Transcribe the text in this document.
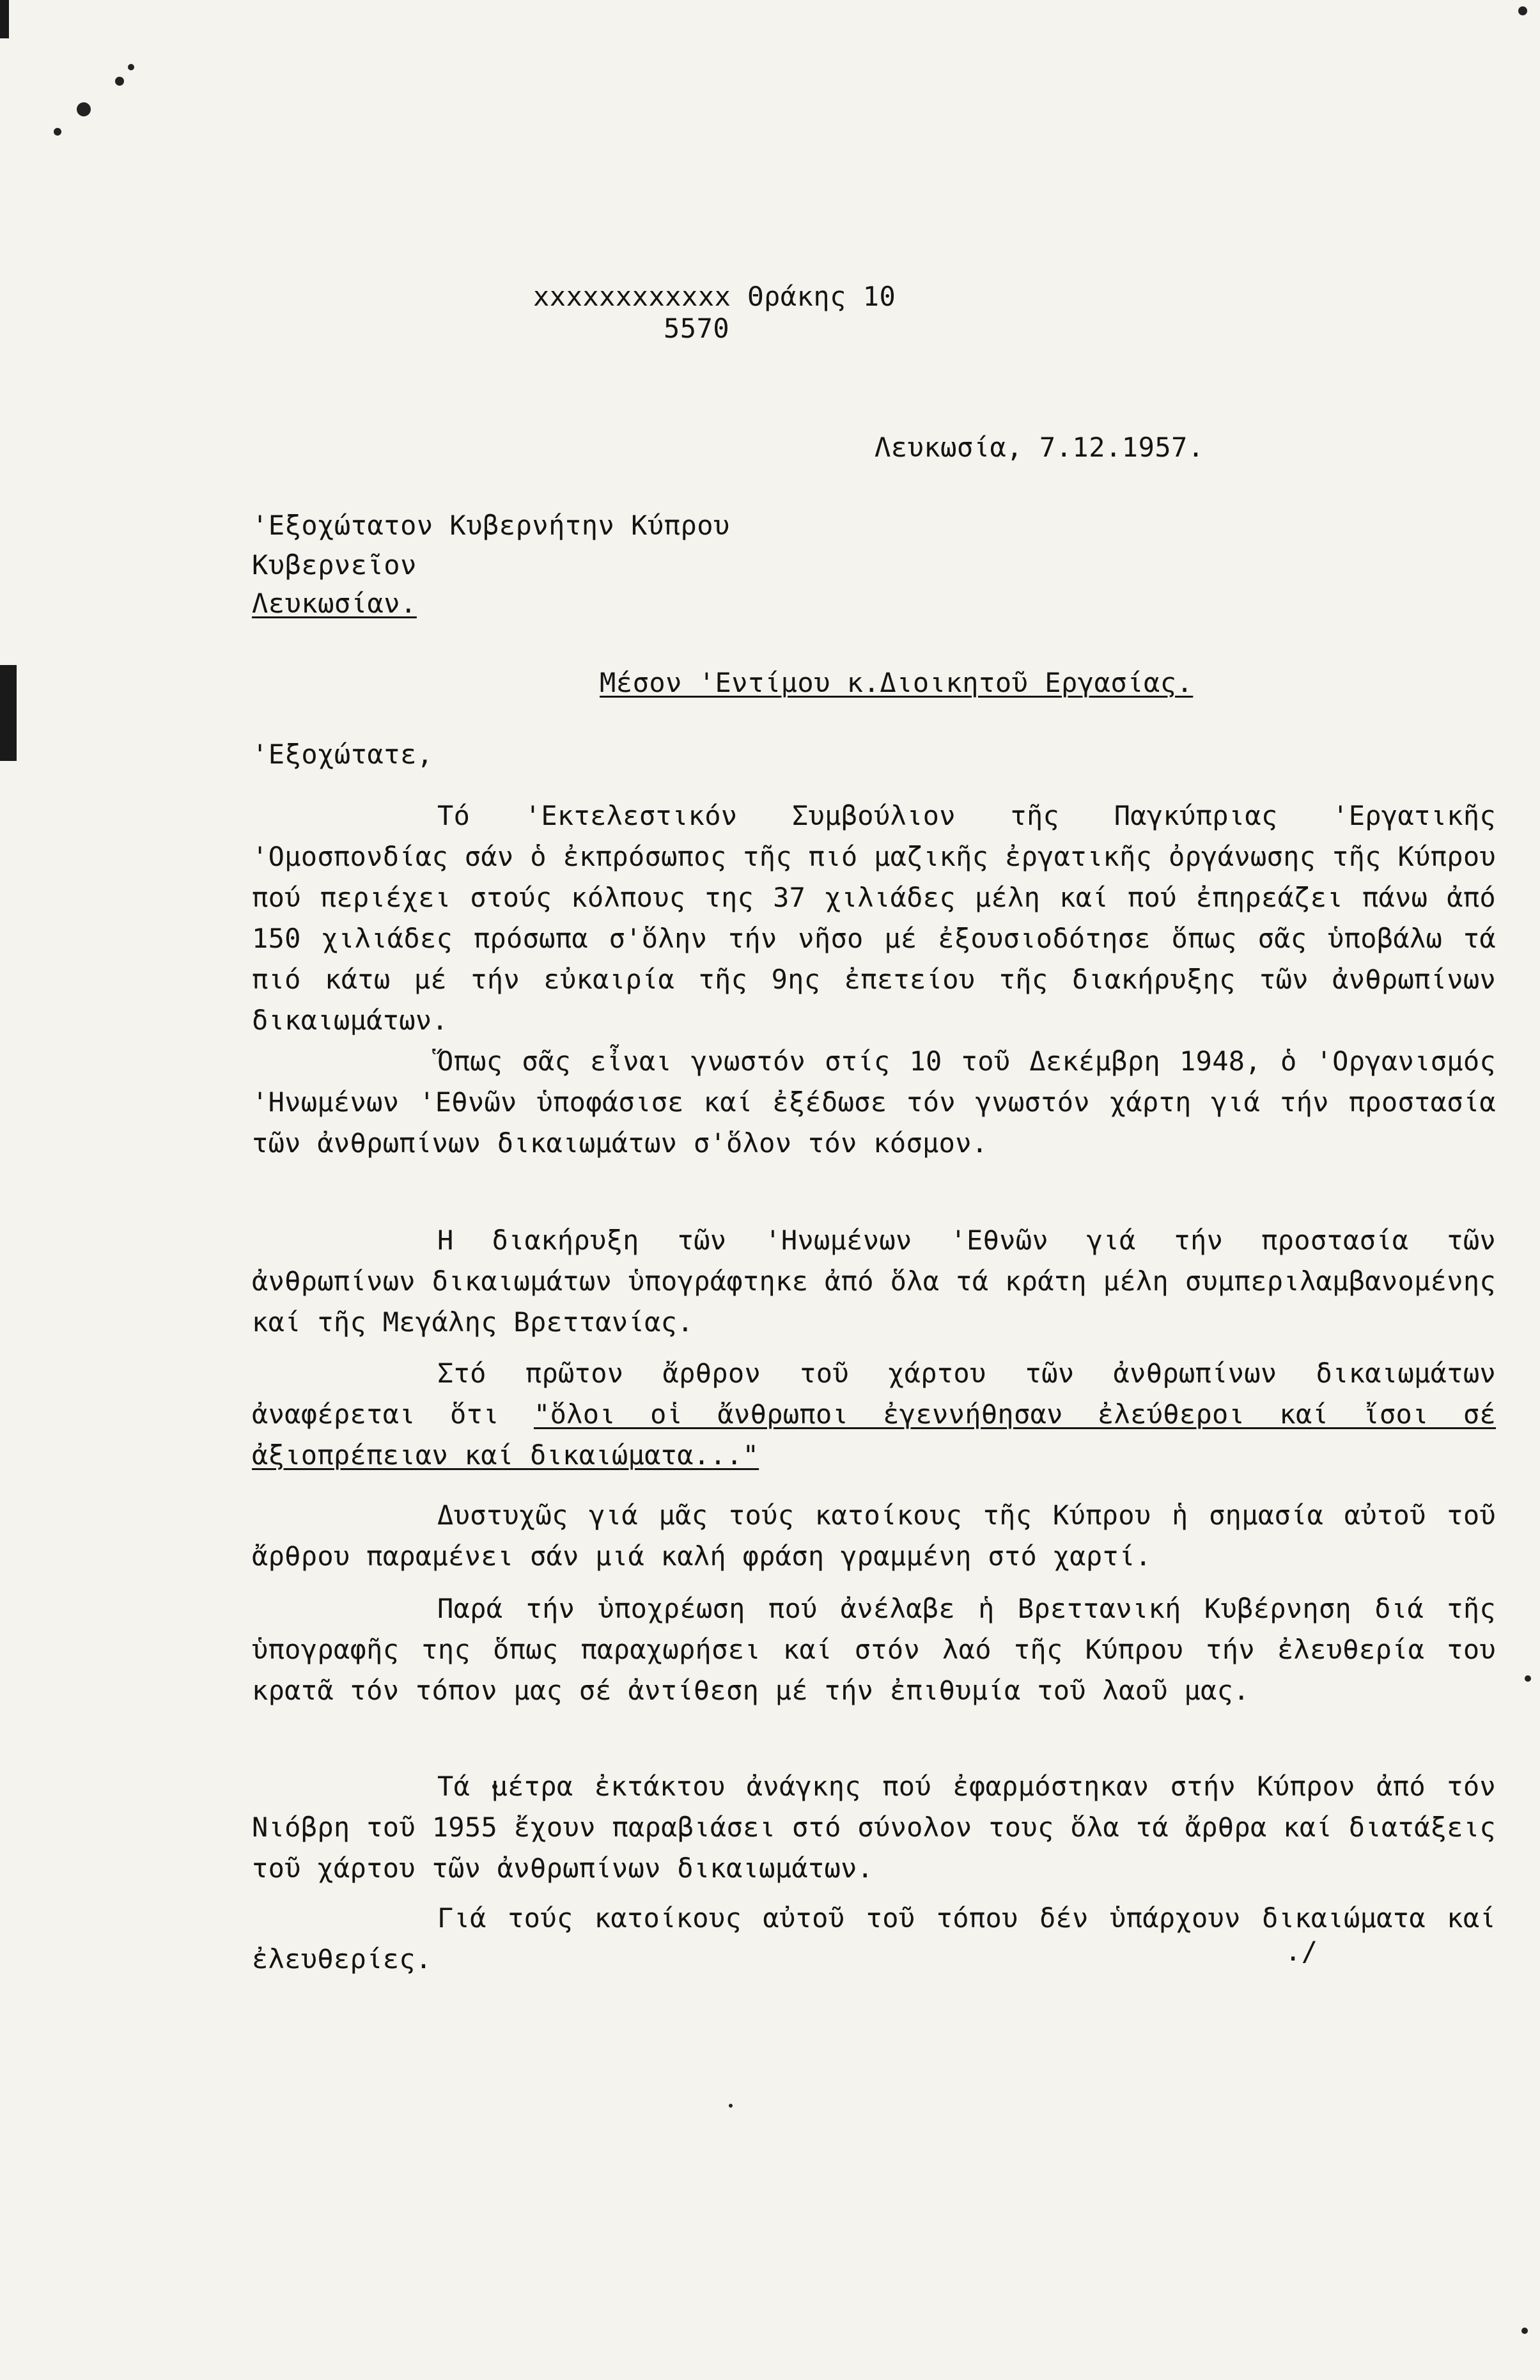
xxxxxxxxxxxx Θράκης 10
5570
Λευκωσία, 7.12.1957.
'Εξοχώτατον Κυβερνήτην Κύπρου
Κυβερνεῖον
Λευκωσίαν.
Μέσον 'Εντίμου κ.Διοικητοῦ Εργασίας.
'Εξοχώτατε,
Τό 'Εκτελεστικόν Συμβούλιον τῆς Παγκύπριας 'Εργατικῆς 'Ομοσπονδίας σάν ὁ ἐκπρόσωπος τῆς πιό μαζικῆς ἐργατικῆς ὀργάνωσης τῆς Κύπρου πού περιέχει στούς κόλπους της 37 χιλιάδες μέλη καί πού ἐπηρεάζει πάνω ἀπό 150 χιλιάδες πρόσωπα σ'ὅλην τήν νῆσο μέ ἐξουσιοδότησε ὅπως σᾶς ὑποβάλω τά πιό κάτω μέ τήν εὐκαιρία τῆς 9ης ἐπετείου τῆς διακήρυξης τῶν ἀνθρωπίνων δικαιωμάτων.
Ὅπως σᾶς εἶναι γνωστόν στίς 10 τοῦ Δεκέμβρη 1948, ὁ 'Οργανισμός 'Ηνωμένων 'Εθνῶν ὑποφάσισε καί ἐξέδωσε τόν γνωστόν χάρτη γιά τήν προστασία τῶν ἀνθρωπίνων δικαιωμάτων σ'ὅλον τόν κόσμον.
Η διακήρυξη τῶν 'Ηνωμένων 'Εθνῶν γιά τήν προστασία τῶν ἀνθρωπίνων δικαιωμάτων ὑπογράφτηκε ἀπό ὅλα τά κράτη μέλη συμπεριλαμβανομένης καί τῆς Μεγάλης Βρεττανίας.
Στό πρῶτον ἄρθρον τοῦ χάρτου τῶν ἀνθρωπίνων δικαιωμάτων ἀναφέρεται ὅτι "ὅλοι οἱ ἄνθρωποι ἐγεννήθησαν ἐλεύθεροι καί ἴσοι σέ ἀξιοπρέπειαν καί δικαιώματα..."
Δυστυχῶς γιά μᾶς τούς κατοίκους τῆς Κύπρου ἡ σημασία αὐτοῦ τοῦ ἄρθρου παραμένει σάν μιά καλή φράση γραμμένη στό χαρτί.
Παρά τήν ὑποχρέωση πού ἀνέλαβε ἡ Βρεττανική Κυβέρνηση διά τῆς ὑπογραφῆς της ὅπως παραχωρήσει καί στόν λαό τῆς Κύπρου τήν ἐλευθερία του κρατᾶ τόν τόπον μας σέ ἀντίθεση μέ τήν ἐπιθυμία τοῦ λαοῦ μας.
Τά μέτρα ἐκτάκτου ἀνάγκης πού ἐφαρμόστηκαν στήν Κύπρον ἀπό τόν Νιόβρη τοῦ 1955 ἔχουν παραβιάσει στό σύνολον τους ὅλα τά ἄρθρα καί διατάξεις τοῦ χάρτου τῶν ἀνθρωπίνων δικαιωμάτων.
Γιά τούς κατοίκους αὐτοῦ τοῦ τόπου δέν ὑπάρχουν δικαιώματα καί ἐλευθερίες.	./
